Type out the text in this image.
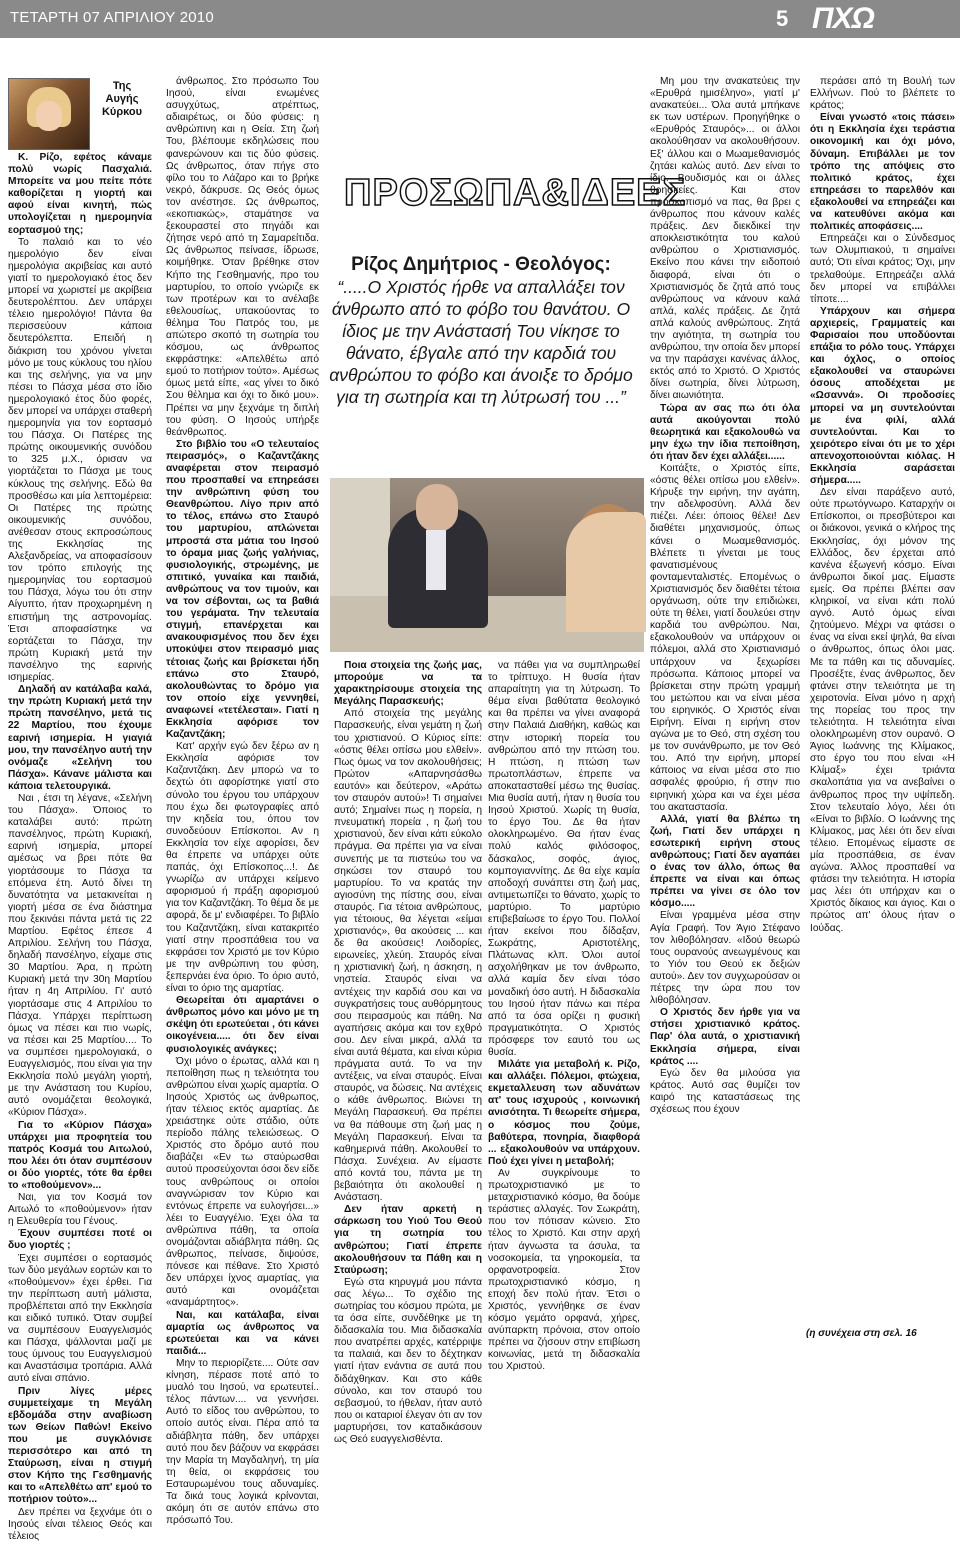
ΤΕΤΑΡΤΗ 07 ΑΠΡΙΛΙΟΥ 2010	5 ΠΧΩ
Της
Αυγής
Κύρκου
ΠΡΟΣΩΠΑ&ΙΔΕΕΣ
Ρίζος Δημήτριος - Θεολόγος:
“.....Ο Χριστός ήρθε να απαλλάξει τον άνθρωπο από το φόβο του θανάτου. Ο ίδιος με την Ανάστασή Του νίκησε το θάνατο, έβγαλε από την καρδιά του ανθρώπου το φόβο και άνοιξε το δρόμο για τη σωτηρία και τη λύτρωσή του ...”

Κ. Ρίζο, εφέτος κάναμε πολύ νωρίς Πασχαλιά. Μπορείτε να μου πείτε πότε καθορίζεται η γιορτή και αφού είναι κινητή, πώς υπολογίζεται η ημερομηνία εορτασμού της;

Το παλαιό και το νέο ημερολόγιο δεν είναι ημερολόγια ακριβείας και αυτό γιατί το ημερολογιακό έτος δεν μπορεί να χωριστεί με ακρίβεια δευτερολέπτου. Δεν υπάρχει τέλειο ημερολόγιο! Πάντα θα περισσεύουν κάποια δευτερόλεπτα. Επειδή η διάκριση του χρόνου γίνεται μόνο με τους κύκλους του ηλίου και της σελήνης, για να μην πέσει το Πάσχα μέσα στο ίδιο ημερολογιακό έτος δύο φορές, δεν μπορεί να υπάρχει σταθερή ημερομηνία για τον εορτασμό του Πάσχα. Οι Πατέρες της πρώτης οικουμενικής συνόδου το 325 μ.Χ., όρισαν να γιορτάζεται το Πάσχα με τους κύκλους της σελήνης. Εδώ θα προσθέσω και μία λεπτομέρεια: Οι Πατέρες της πρώτης οικουμενικής συνόδου, ανέθεσαν στους εκπροσώπους της Εκκλησίας της Αλεξανδρείας, να αποφασίσουν τον τρόπο επιλογής της ημερομηνίας του εορτασμού του Πάσχα, λόγω του ότι στην Αίγυπτο, ήταν προχωρημένη η επιστήμη της αστρονομίας. Έτσι αποφασίστηκε να εορτάζεται το Πάσχα, την πρώτη Κυριακή μετά την πανσέληνο της εαρινής ισημερίας.

Δηλαδή αν κατάλαβα καλά, την πρώτη Κυριακή μετά την πρώτη πανσέληνο, μετά τις 22 Μαρτίου, που έχουμε εαρινή ισημερία. Η γιαγιά μου, την πανσέληνο αυτή την ονόμαζε «Σελήνη του Πάσχα». Κάνανε μάλιστα και κάποια τελετουργικά.

Ναι , έτσι τη λέγανε, «Σελήνη του Πάσχα». Όποιος το καταλάβει αυτό: πρώτη πανσέληνος, πρώτη Κυριακή, εαρινή ισημερία, μπορεί αμέσως να βρει πότε θα γιορτάσουμε το Πάσχα τα επόμενα έτη. Αυτό δίνει τη δυνατότητα να μετακινείται η γιορτή μέσα σε ένα διάστημα που ξεκινάει πάντα μετά τις 22 Μαρτίου. Εφέτος έπεσε 4 Απριλίου. Σελήνη του Πάσχα, δηλαδή πανσέληνο, είχαμε στις 30 Μαρτίου. Άρα, η πρώτη Κυριακή μετά την 30η Μαρτίου ήταν η 4η Απριλίου. Γι' αυτό γιορτάσαμε στις 4 Απριλίου το Πάσχα. Υπάρχει περίπτωση όμως να πέσει και πιο νωρίς, να πέσει και 25 Μαρτίου.... Το να συμπέσει ημερολογιακά, ο Ευαγγελισμός, που είναι για την Εκκλησία πολύ μεγάλη γιορτή, με την Ανάσταση του Κυρίου, αυτό ονομάζεται θεολογικά, «Κύριον Πάσχα».

Για το «Κύριον Πάσχα» υπάρχει μια προφητεία του πατρός Κοσμά του Αιτωλού, που λέει ότι όταν συμπέσουν οι δύο γιορτές, τότε θα έρθει το «ποθούμενον»...

Ναι, για τον Κοσμά τον Αιτωλό το «ποθούμενον» ήταν η Ελευθερία του Γένους.

Έχουν συμπέσει ποτέ οι δυο γιορτές ;

Έχει συμπέσει ο εορτασμός των δύο μεγάλων εορτών και το «ποθούμενον» έχει έρθει. Για την περίπτωση αυτή μάλιστα, προβλέπεται από την Εκκλησία και ειδικό τυπικό. Όταν συμβεί να συμπέσουν Ευαγγελισμός και Πάσχα, ψάλλονται μαζί με τους ύμνους του Ευαγγελισμού και Αναστάσιμα τροπάρια. Αλλά αυτό είναι σπάνιο.

Πριν λίγες μέρες συμμετείχαμε τη Μεγάλη εβδομάδα στην αναβίωση των Θείων Παθών! Εκείνο που με συγκλόνισε περισσότερο και από τη Σταύρωση, είναι η στιγμή στον Κήπο της Γεσθημανής και το «Απελθέτω απ' εμού το ποτήριον τούτο»...

Δεν πρέπει να ξεχνάμε ότι ο Ιησούς είναι τέλειος Θεός και τέλειος

άνθρωπος. Στο πρόσωπο Του Ιησού, είναι ενωμένες ασυγχύτως, ατρέπτως, αδιαιρέτως, οι δύο φύσεις: η ανθρώπινη και η Θεία. Στη ζωή Του, βλέπουμε εκδηλώσεις που φανερώνουν και τις δύο φύσεις. Ως άνθρωπος, όταν πήγε στο φίλο του το Λάζαρο και το βρήκε νεκρό, δάκρυσε. Ως Θεός όμως τον ανέστησε. Ως άνθρωπος, «εκοπιακώς», σταμάτησε να ξεκουραστεί στο πηγάδι και ζήτησε νερό από τη Σαμαρείτιδα. Ως άνθρωπος πείνασε, ίδρωσε, κοιμήθηκε. Όταν βρέθηκε στον Κήπο της Γεσθημανής, προ του μαρτυρίου, το οποίο γνώριζε εκ των προτέρων και το ανέλαβε εθελουσίως, υπακούοντας το θέλημα Του Πατρός του, με απώτερο σκοπό τη σωτηρία του κόσμου, ως άνθρωπος εκφράστηκε: «Απελθέτω από εμού το ποτήριον τούτο». Αμέσως όμως μετά είπε, «ας γίνει το δικό Σου θέλημα και όχι το δικό μου». Πρέπει να μην ξεχνάμε τη διπλή του φύση. Ο Ιησούς υπήρξε θεάνθρωπος.

Στο βιβλίο του «Ο τελευταίος πειρασμός», ο Καζαντζάκης αναφέρεται στον πειρασμό που προσπαθεί να επηρεάσει την ανθρώπινη φύση του Θεανθρώπου. Λίγο πριν από το τέλος, επάνω στο Σταυρό του μαρτυρίου, απλώνεται μπροστά στα μάτια του Ιησού το όραμα μιας ζωής γαλήνιας, φυσιολογικής, στρωμένης, με σπιτικό, γυναίκα και παιδιά, ανθρώπους να τον τιμούν, και να τον σέβονται, ως τα βαθιά του γεράματα. Την τελευταία στιγμή, επανέρχεται και ανακουφισμένος που δεν έχει υποκύψει στον πειρασμό μιας τέτοιας ζωής και βρίσκεται ήδη επάνω στο Σταυρό, ακολουθώντας το δρόμο για τον οποίο είχε γεννηθεί, αναφωνεί «τετέλεσται». Γιατί η Εκκλησία αφόρισε τον Καζαντζάκη;

Κατ' αρχήν εγώ δεν ξέρω αν η Εκκλησία αφόρισε τον Καζαντζάκη. Δεν μπορώ να το δεχτώ ότι αφορίστηκε γιατί στο σύνολο του έργου του υπάρχουν που έχω δει φωτογραφίες από την κηδεία του, όπου τον συνοδεύουν Επίσκοποι. Αν η Εκκλησία τον είχε αφορίσει, δεν θα έπρεπε να υπάρχει ούτε παπάς, όχι Επίσκοπος...!. Δε γνωρίζω αν υπάρχει κείμενο αφορισμού ή πράξη αφορισμού για τον Καζαντζάκη. Το θέμα δε με αφορά, δε μ' ενδιαφέρει. Το βιβλίο του Καζαντζάκη, είναι κατακριτέο γιατί στην προσπάθεια του να εκφράσει τον Χριστό με τον Κύριο με την ανθρώπινη του φύση, ξεπερνάει ένα όριο. Το όριο αυτό, είναι το όριο της αμαρτίας.

Θεωρείται ότι αμαρτάνει ο άνθρωπος μόνο και μόνο με τη σκέψη ότι ερωτεύεται , ότι κάνει οικογένεια..... ότι δεν είναι φυσιολογικές ανάγκες;

Όχι μόνο ο έρωτας, αλλά και η πεποίθηση πως η τελειότητα του ανθρώπου είναι χωρίς αμαρτία. Ο Ιησούς Χριστός ως άνθρωπος, ήταν τέλειος εκτός αμαρτίας. Δε χρειάστηκε ούτε στάδιο, ούτε περίοδο πάλης τελειώσεως. Ο Χριστός στο δρόμο αυτό που διαβάζει «Εν τω σταύρωσθαι αυτού προσεύχονται όσοι δεν είδε τους ανθρώπους οι οποίοι αναγνώρισαν τον Κύριο και εντόνως έπρεπε να ευλογήσει...» λέει το Ευαγγέλιο. Έχει όλα τα ανθρώπινα πάθη, τα οποία ονομάζονται αδιάβλητα πάθη. Ως άνθρωπος, πείνασε, διψούσε, πόνεσε και πέθανε. Στο Χριστό δεν υπάρχει ίχνος αμαρτίας, για αυτό και ονομάζεται «αναμάρτητος».

Ναι, και κατάλαβα, είναι αμαρτία ως άνθρωπος να ερωτεύεται και να κάνει παιδιά...

Μην το περιορίζετε.... Ούτε σαν κίνηση, πέρασε ποτέ από το μυαλό του Ιησού, να ερωτευτεί.. τέλος πάντων.... να γεννήσει. Αυτό το είδος του ανθρώπου, το οποίο αυτός είναι. Πέρα από τα αδιάβλητα πάθη, δεν υπάρχει αυτό που δεν βάζουν να εκφράσει την Μαρία τη Μαγδαληνή, τη μία τη θεία, οι εκφράσεις του Εσταυρωμένου τους αδυναμίες. Τα δικά τους λογικά κρίνονται, ακόμη ότι σε αυτόν επάνω στο πρόσωπό Του.

Ποια στοιχεία της ζωής μας, μπορούμε να τα χαρακτηρίσουμε στοιχεία της Μεγάλης Παρασκευής;

Από στοιχεία της μεγάλης Παρασκευής, είναι γεμάτη η ζωή του χριστιανού. Ο Κύριος είπε: «όστις θέλει οπίσω μου ελθείν». Πως όμως να τον ακολουθήσεις; Πρώτον «Απαρνησάσθω εαυτόν» και δεύτερον, «Αράτω τον σταυρόν αυτού»! Τι σημαίνει αυτό; Σημαίνει πως η πορεία, η πνευματική πορεία , η ζωή του χριστιανού, δεν είναι κάτι εύκολο πράγμα. Θα πρέπει για να είναι συνεπής με τα πιστεύω του να σηκώσει τον σταυρό του μαρτυρίου. Το να κρατάς την αγιοσύνη της πίστης σου, είναι σταυρός. Για τέτοια ανθρώπους, για τέτοιους, θα λέγεται «είμαι χριστιανός», θα ακούσεις ... και δε θα ακούσεις! Λοιδορίες, ειρωνείες, χλεύη. Σταυρός είναι η χριστιανική ζωή, η άσκηση, η νηστεία. Σταυρός είναι να αντέχεις την καρδιά σου και να συγκρατήσεις τους αυθόρμητους σου πειρασμούς και πάθη. Να αγαπήσεις ακόμα και τον εχθρό σου. Δεν είναι μικρά, αλλά τα είναι αυτά θέματα, και είναι κύρια πράγματα αυτά. Το να την αντέξεις, να είναι σταυρός. Είναι σταυρός, να δώσεις. Να αντέχεις ο κάθε άνθρωπος. Βιώνει τη Μεγάλη Παρασκευή. Θα πρέπει να θα πάθουμε στη ζωή μας η Μεγάλη Παρασκευή. Είναι τα καθημερινά πάθη. Ακολουθεί το Πάσχα. Συνέχεια. Αν είμαστε από κοντά του, πάντα με τη βεβαιότητα ότι ακολουθεί η Ανάσταση.

Δεν ήταν αρκετή η σάρκωση του Υιού Του Θεού για τη σωτηρία του ανθρώπου; Γιατί έπρεπε ακολουθήσουν τα Πάθη και η Σταύρωση;

Εγώ στα κηρυγμά μου πάντα σας λέγω... Το σχέδιο της σωτηρίας του κόσμου πρώτα, με τα όσα είπε, συνδέθηκε με τη διδασκαλία του. Μια διδασκαλία που ανατρέπει αρχές, κατέρριψε τα παλαιά, και δεν το δέχτηκαν γιατί ήταν ενάντια σε αυτά που διδάχθηκαν. Και στο κάθε σύνολο, και τον σταυρό του σεβασμού, το ήθελαν, ήταν αυτό που οι καταριοί έλεγαν ότι αν τον μαρτυρήσει, τον καταδικάσουν ως Θεό ευαγγελισθέντα.

να πάθει για να συμπληρωθεί το τρίπτυχο. Η θυσία ήταν απαραίτητη για τη λύτρωση. Το θέμα είναι βαθύτατα θεολογικό και θα πρέπει να γίνει αναφορά στην Παλαιά Διαθήκη, καθώς και στην ιστορική πορεία του ανθρώπου από την πτώση του. Η πτώση, η πτώση των πρωτοπλάστων, έπρεπε να αποκατασταθεί μέσω της θυσίας. Μια θυσία αυτή, ήταν η θυσία του Ιησού Χριστού. Χωρίς τη θυσία, το έργο Του. Δε θα ήταν ολοκληρωμένο. Θα ήταν ένας πολύ καλός φιλόσοφος, δάσκαλος, σοφός, άγιος, κομπογιαννίτης. Δε θα είχε καμία αποδοχή συνάπτει στη ζωή μας, αντιμετωπίζει το θάνατο, χωρίς το μαρτύριο. Το μαρτύριο επιβεβαίωσε το έργο Του. Πολλοί ήταν εκείνοι που δίδαξαν, Σωκράτης, Αριστοτέλης, Πλάτωνας κλπ. Όλοι αυτοί ασχολήθηκαν με τον άνθρωπο, αλλά καμία δεν είναι τόσο μοναδική όσο αυτή. Η διδασκαλία του Ιησού ήταν πάνω και πέρα από τα όσα ορίζει η φυσική πραγματικότητα. Ο Χριστός πρόσφερε τον εαυτό του ως θυσία.

Μιλάτε για μεταβολή κ. Ρίζο, και αλλάξει. Πόλεμοι, φτώχεια, εκμεταλλευση των αδυνάτων ατ' τους ισχυρούς , κοινωνική ανισότητα. Τι θεωρείτε σήμερα, ο κόσμος που ζούμε, βαθύτερα, πονηρία, διαφθορά ... εξακολουθούν να υπάρχουν. Πού έχει γίνει η μεταβολή;

Αν συγκρίνουμε το πρωτοχριστιανικό με το μεταχριστιανικό κόσμο, θα δούμε τεράστιες αλλαγές. Τον Σωκράτη, που τον πότισαν κώνειο. Στο τέλος το Χριστό. Και στην αρχή ήταν άγνωστα τα άσυλα, τα νοσοκομεία, τα γηροκομεία, τα ορφανοτροφεία. Στον πρωτοχριστιανικό κόσμο, η εποχή δεν πολύ ήταν. Έτσι ο Χριστός, γεννήθηκε σε έναν κόσμο γεμάτο ορφανά, χήρες, ανύπαρκτη πρόνοια, στον οποίο πρέπει να ζήσουν στην επιβίωση κοινωνίας, μετά τη διδασκαλία του Χριστού.

Μη μου την ανακατεύεις την «Ερυθρά ημισέληνο», γιατί μ' ανακατεύει... Όλα αυτά μπήκανε εκ των υστέρων. Προηγήθηκε ο «Ερυθρός Σταυρός»... οι άλλοι ακολούθησαν να ακολουθήσουν. Εξ' άλλου και ο Μωαμεθανισμός ζητάει καλώς αυτό. Δεν είναι το ίδιο. Βουδισμός και οι άλλες θρησκείες. Και στον προσκοπισμό να πας, θα βρει ς άνθρωπος που κάνουν καλές πράξεις. Δεν διεκδικεί την αποκλειστικότητα του καλού ανθρώπου ο Χριστιανισμός. Εκείνο που κάνει την ειδοποιό διαφορά, είναι ότι ο Χριστιανισμός δε ζητά από τους ανθρώπους να κάνουν καλά απλά, καλές πράξεις. Δε ζητά απλά καλούς ανθρώπους. Ζητά την αγιότητα, τη σωτηρία του ανθρώπου, την οποία δεν μπορεί να την παράσχει κανένας άλλος, εκτός από το Χριστό. Ο Χριστός δίνει σωτηρία, δίνει λύτρωση, δίνει αιωνιότητα.

Τώρα αν σας πω ότι όλα αυτά ακούγονται πολύ θεωρητικά και εξακολουθώ να μην έχω την ίδια πεποίθηση, ότι ήταν δεν έχει αλλάξει......

Κοιτάξτε, ο Χριστός είπε, «όστις θέλει οπίσω μου ελθείν». Κήρυξε την ειρήνη, την αγάπη, την αδελφοσύνη. Αλλά δεν πιέζει. Λέει: όποιος θέλει! Δεν διαθέτει μηχανισμούς, όπως κάνει ο Μωαμεθανισμός. Βλέπετε τι γίνεται με τους φανατισμένους φονταμενταλιστές. Επομένως ο Χριστιανισμός δεν διαθέτει τέτοια οργάνωση, ούτε την επιδιώκει, ούτε τη θέλει, γιατί δουλεύει στην καρδιά του ανθρώπου. Ναι, εξακολουθούν να υπάρχουν οι πόλεμοι, αλλά στο Χριστιανισμό υπάρχουν να ξεχωρίσει πρόσωπα. Κάποιος μπορεί να βρίσκεται στην πρώτη γραμμή του μετώπου και να είναι μέσα του ειρηνικός. Ο Χριστός είναι Ειρήνη. Είναι η ειρήνη στον αγώνα με το Θεό, στη σχέση του με τον συνάνθρωπο, με τον Θεό του. Από την ειρήνη, μπορεί κάποιος να είναι μέσα στο πιο ασφαλές φρούριο, ή στην πιο ειρηνική χώρα και να έχει μέσα του ακαταστασία.

Αλλά, γιατί θα βλέπω τη ζωή, Γιατί δεν υπάρχει η εσωτερική ειρήνη στους ανθρώπους; Γιατί δεν αγαπάει ο ένας τον άλλο, όπως θα έπρεπε να είναι και όπως πρέπει να γίνει σε όλο τον κόσμο.....

Είναι γραμμένα μέσα στην Αγία Γραφή. Τον Άγιο Στέφανο τον λιθοβόλησαν. «Ιδού θεωρώ τους ουρανούς ανεωγμένους και το Υιόν του Θεού εκ δεξιών αυτού». Δεν τον συγχωρούσαν οι πέτρες την ώρα που τον λιθοβόλησαν.

Ο Χριστός δεν ήρθε για να στήσει χριστιανικό κράτος. Παρ' όλα αυτά, ο χριστιανική Εκκλησία σήμερα, είναι κράτος ....

Εγώ δεν θα μιλούσα για κράτος. Αυτό σας θυμίζει τον καιρό της καταστάσεως της σχέσεως που έχουν

περάσει από τη Βουλή των Ελλήνων. Πού το βλέπετε το κράτος;

Είναι γνωστό «τοις πάσει» ότι η Εκκλησία έχει τεράστια οικονομική και όχι μόνο, δύναμη. Επιβάλλει με τον τρόπο της απόψεις στο πολιτικό κράτος, έχει επηρεάσει το παρελθόν και εξακολουθεί να επηρεάζει και να κατευθύνει ακόμα και πολιτικές αποφάσεις....

Επηρεάζει και ο Σύνδεσμος των Ολυμπιακού, τι σημαίνει αυτό; Ότι είναι κράτος; Όχι, μην τρελαθούμε. Επηρεάζει αλλά δεν μπορεί να επιβάλλει τίποτε....

Υπάρχουν και σήμερα αρχιερείς, Γραμματείς και Φαρισαίοι που υποδύονται επάξια το ρόλο τους. Υπάρχει και όχλος, ο οποίος εξακολουθεί να σταυρώνει όσους αποδέχεται με «Ωσαννά». Οι προδοσίες μπορεί να μη συντελούνται με ένα φιλί, αλλά συντελούνται. Και το χειρότερο είναι ότι με το χέρι απενοχοποιούνται κιόλας. Η Εκκλησία σαράσεται σήμερα.....

Δεν είναι παράξενο αυτό, ούτε πρωτόγνωρο. Καταρχήν οι Επίσκοποι, οι πρεσβύτεροι και οι διάκονοι, γενικά ο κλήρος της Εκκλησίας, όχι μόνον της Ελλάδος, δεν έρχεται από κανένα έξωγενή κόσμο. Είναι άνθρωποι δικοί μας. Είμαστε εμείς. Θα πρέπει βλέπει σαν κληρικοί, να είναι κάτι πολύ αγνό. Αυτό όμως είναι ζητούμενο. Μέχρι να φτάσει ο ένας να είναι εκεί ψηλά, θα είναι ο άνθρωπος, όπως όλοι μας. Με τα πάθη και τις αδυναμίες. Προσέξτε, ένας άνθρωπος, δεν φτάνει στην τελειότητα με τη χειροτονία. Είναι μόνο η αρχή της πορείας του προς την τελειότητα. Η τελειότητα είναι ολοκληρωμένη στον ουρανό. Ο Άγιος Ιωάννης της Κλίμακος, στο έργο του που είναι «Η Κλίμαξ» έχει τριάντα σκαλοπάτια για να ανεβαίνει ο άνθρωπος προς την υψίπεδη. Στον τελευταίο λόγο, λέει ότι «Είναι το βιβλίο. Ο Ιωάννης της Κλίμακος, μας λέει ότι δεν είναι τέλειο. Επομένως είμαστε σε μία προσπάθεια, σε έναν αγώνα. Άλλος προσπαθεί να φτάσει την τελειότητα. Η ιστορία μας λέει ότι υπήρχαν και ο Χριστός δίκαιος και άγιος. Και ο πρώτος απ' όλους ήταν ο Ιούδας.

(η συνέχεια στη σελ. 16
